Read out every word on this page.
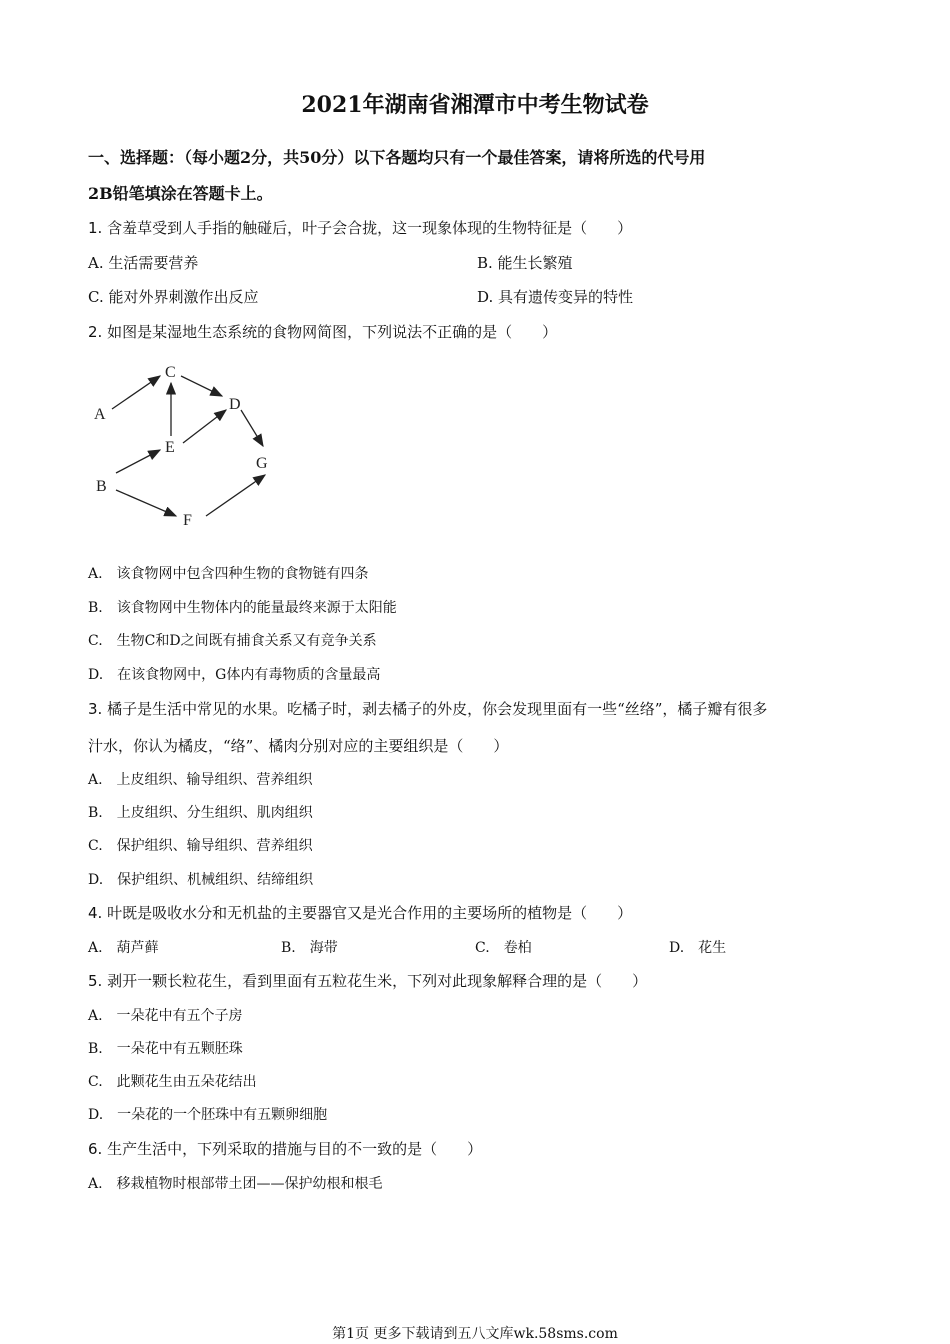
2021年湖南省湘潭市中考生物试卷
一、选择题：（每小题2分，共50分）以下各题均只有一个最佳答案，请将所选的代号用
2B铅笔填涂在答题卡上。
1. 含羞草受到人手指的触碰后，叶子会合拢，这一现象体现的生物特征是（　　）
A. 生活需要营养	B. 能生长繁殖
C. 能对外界刺激作出反应	D. 具有遗传变异的特性
2. 如图是某湿地生态系统的食物网简图，下列说法不正确的是（　　）
A
B
C
D
E
F
G
A.　该食物网中包含四种生物的食物链有四条
B.　该食物网中生物体内的能量最终来源于太阳能
C.　生物C和D之间既有捕食关系又有竞争关系
D.　在该食物网中，G体内有毒物质的含量最高
3. 橘子是生活中常见的水果。吃橘子时，剥去橘子的外皮，你会发现里面有一些“丝络”，橘子瓣有很多
汁水，你认为橘皮，“络”、橘肉分别对应的主要组织是（　　）
A.　上皮组织、输导组织、营养组织
B.　上皮组织、分生组织、肌肉组织
C.　保护组织、输导组织、营养组织
D.　保护组织、机械组织、结缔组织
4. 叶既是吸收水分和无机盐的主要器官又是光合作用的主要场所的植物是（　　）
A.　葫芦藓	B.　海带	C.　卷柏	D.　花生
5. 剥开一颗长粒花生，看到里面有五粒花生米，下列对此现象解释合理的是（　　）
A.　一朵花中有五个子房
B.　一朵花中有五颗胚珠
C.　此颗花生由五朵花结出
D.　一朵花的一个胚珠中有五颗卵细胞
6. 生产生活中，下列采取的措施与目的不一致的是（　　）
A.　移栽植物时根部带土团——保护幼根和根毛
第1页 更多下载请到五八文库wk.58sms.com
